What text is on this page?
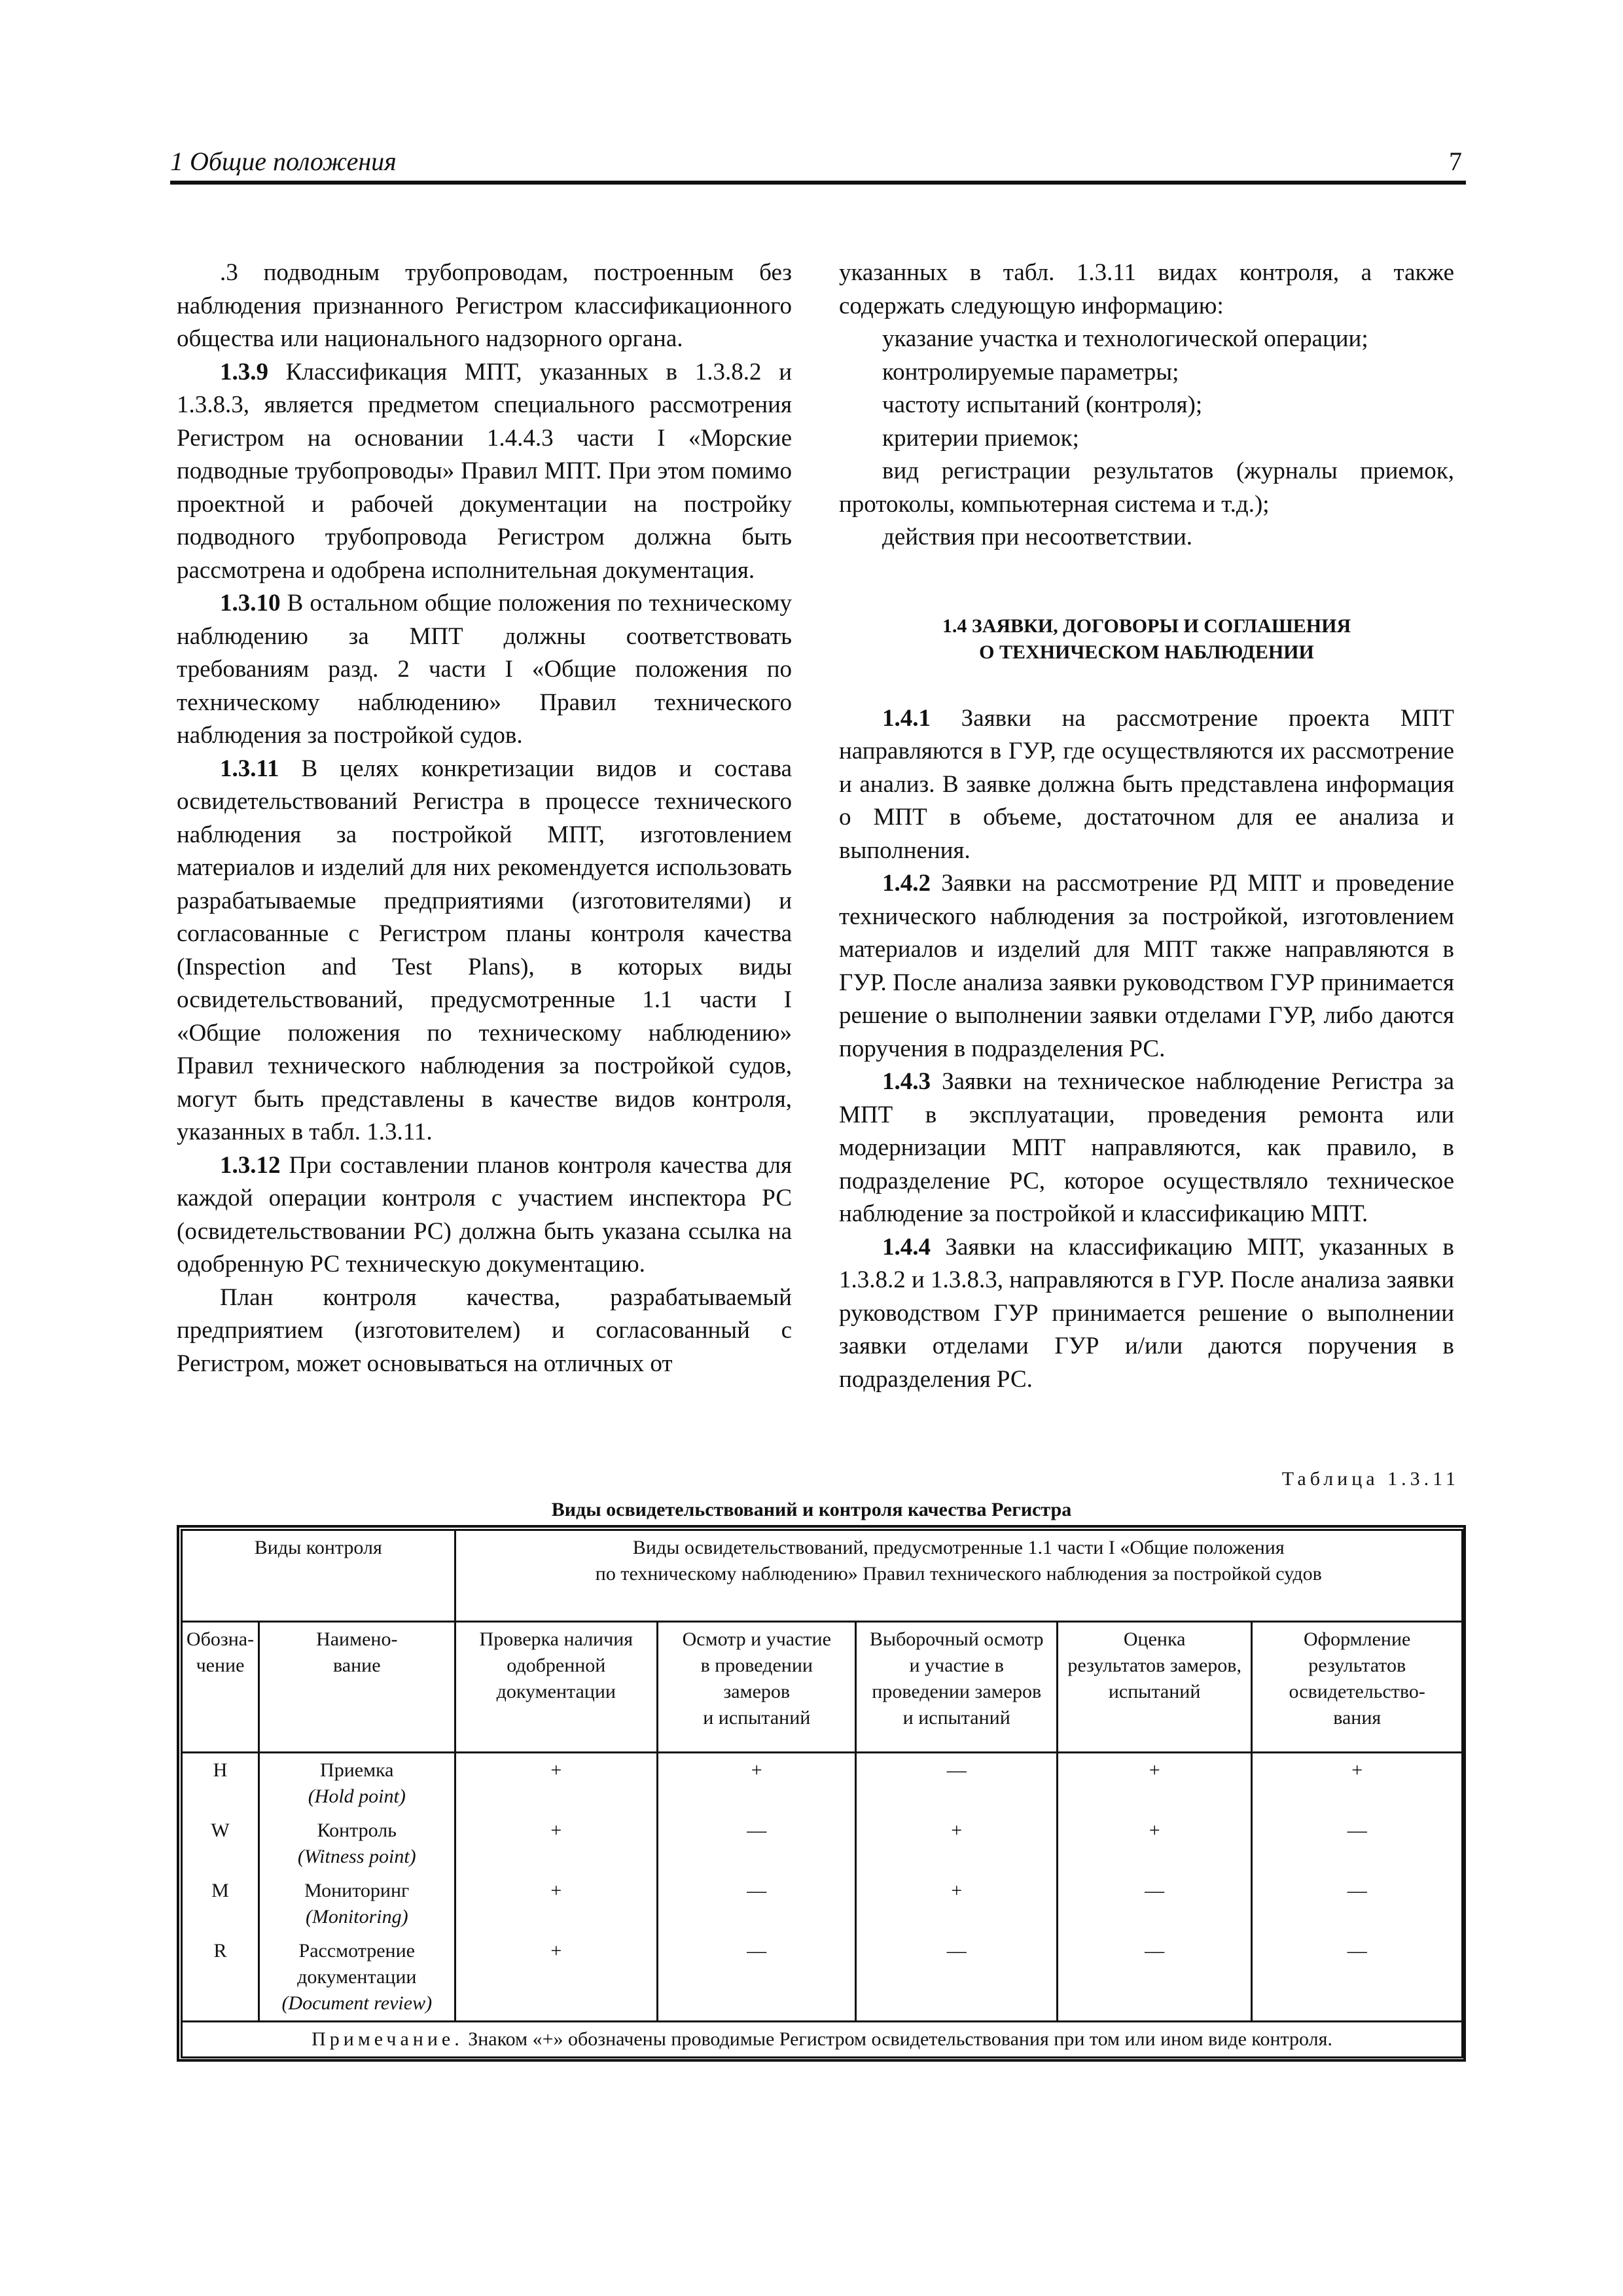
1 Общие положения	7

.3 подводным трубопроводам, построенным без наблюдения признанного Регистром классификационного общества или национального надзорного органа.

1.3.9 Классификация МПТ, указанных в 1.3.8.2 и 1.3.8.3, является предметом специального рассмотрения Регистром на основании 1.4.4.3 части I «Морские подводные трубопроводы» Правил МПТ. При этом помимо проектной и рабочей документации на постройку подводного трубопровода Регистром должна быть рассмотрена и одобрена исполнительная документация.

1.3.10 В остальном общие положения по техническому наблюдению за МПТ должны соответствовать требованиям разд. 2 части I «Общие положения по техническому наблюдению» Правил технического наблюдения за постройкой судов.

1.3.11 В целях конкретизации видов и состава освидетельствований Регистра в процессе технического наблюдения за постройкой МПТ, изготовлением материалов и изделий для них рекомендуется использовать разрабатываемые предприятиями (изготовителями) и согласованные с Регистром планы контроля качества (Inspection and Test Plans), в которых виды освидетельствований, предусмотренные 1.1 части I «Общие положения по техническому наблюдению» Правил технического наблюдения за постройкой судов, могут быть представлены в качестве видов контроля, указанных в табл. 1.3.11.

1.3.12 При составлении планов контроля качества для каждой операции контроля с участием инспектора РС (освидетельствовании РС) должна быть указана ссылка на одобренную РС техническую документацию.

План контроля качества, разрабатываемый предприятием (изготовителем) и согласованный с Регистром, может основываться на отличных от

указанных в табл. 1.3.11 видах контроля, а также содержать следующую информацию:

указание участка и технологической операции;

контролируемые параметры;

частоту испытаний (контроля);

критерии приемок;

вид регистрации результатов (журналы приемок, протоколы, компьютерная система и т.д.);

действия при несоответствии.

1.4 ЗАЯВКИ, ДОГОВОРЫ И СОГЛАШЕНИЯ
О ТЕХНИЧЕСКОМ НАБЛЮДЕНИИ

1.4.1 Заявки на рассмотрение проекта МПТ направляются в ГУР, где осуществляются их рассмотрение и анализ. В заявке должна быть представлена информация о МПТ в объеме, достаточном для ее анализа и выполнения.

1.4.2 Заявки на рассмотрение РД МПТ и проведение технического наблюдения за постройкой, изготовлением материалов и изделий для МПТ также направляются в ГУР. После анализа заявки руководством ГУР принимается решение о выполнении заявки отделами ГУР, либо даются поручения в подразделения РС.

1.4.3 Заявки на техническое наблюдение Регистра за МПТ в эксплуатации, проведения ремонта или модернизации МПТ направляются, как правило, в подразделение РС, которое осуществляло техническое наблюдение за постройкой и классификацию МПТ.

1.4.4 Заявки на классификацию МПТ, указанных в 1.3.8.2 и 1.3.8.3, направляются в ГУР. После анализа заявки руководством ГУР принимается решение о выполнении заявки отделами ГУР и/или даются поручения в подразделения РС.

Таблица 1.3.11
Виды освидетельствований и контроля качества Регистра
Виды контроля		Виды освидетельствований, предусмотренные 1.1 части I «Общие положения
по техническому наблюдению» Правил технического наблюдения за постройкой судов				

Обозна-
чение	Наимено-
вание	Проверка наличия
одобренной
документации	Осмотр и участие
в проведении
замеров
и испытаний	Выборочный осмотр
и участие в
проведении замеров
и испытаний	Оценка
результатов замеров,
испытаний	Оформление
результатов
освидетельство-
вания
H	Приемка
(Hold point)	+	+	—	+	+
W	Контроль
(Witness point)	+	—	+	+	—
M	Мониторинг
(Monitoring)	+	—	+	—	—
R	Рассмотрение
документации
(Document review)	+	—	—	—	—
Примечание. Знаком «+» обозначены проводимые Регистром освидетельствования при том или ином виде контроля.						
